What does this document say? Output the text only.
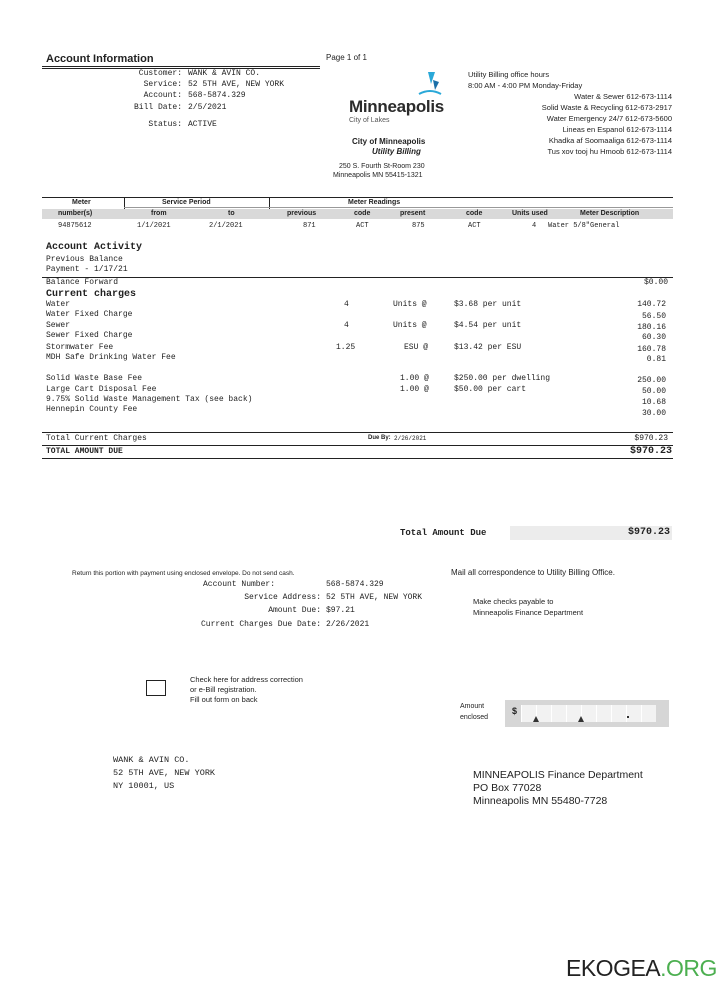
Account Information
Customer: WANK & AVIN CO.
Service: 52 5TH AVE, NEW YORK
Account: 568-5874.329
Bill Date: 2/5/2021
Status: ACTIVE
Page 1 of 1
Minneapolis
City of Lakes
City of Minneapolis
Utility Billing
250 S. Fourth St-Room 230
Minneapolis MN 55415-1321
Utility Billing office hours
8:00 AM - 4:00 PM Monday-Friday
Water & Sewer 612-673-1114
Solid Waste & Recycling 612-673-2917
Water Emergency 24/7 612-673-5600
Lineas en Espanol 612-673-1114
Khadka af Soomaaliga 612-673-1114
Tus xov tooj hu Hmoob 612-673-1114
Meter	Service Period	Meter Readings
number(s)	from	to	previous	code	present	code	Units used	Meter Description
94875612	1/1/2021	2/1/2021	871	ACT	875	ACT	4 Water 5/8"General
Account Activity
Previous Balance
Payment - 1/17/21
Balance Forward	$0.00
Current charges
Water	4	Units @	$3.68 per unit	140.72
Water Fixed Charge	56.50
Sewer	4	Units @	$4.54 per unit	180.16
Sewer Fixed Charge	60.30
Stormwater Fee	1.25	ESU @	$13.42 per ESU	160.78
MDH Safe Drinking Water Fee	0.81
Solid Waste Base Fee	1.00 @	$250.00 per dwelling	250.00
Large Cart Disposal Fee	1.00 @	$50.00 per cart	50.00
9.75% Solid Waste Management Tax (see back)	10.68
Hennepin County Fee	30.00
Total Current Charges	Due By: 2/26/2021	$970.23
TOTAL AMOUNT DUE	$970.23
Total Amount Due	$970.23
Return this portion with payment using enclosed envelope. Do not send cash.	Mail all correspondence to Utility Billing Office.
Account Number:	568-5874.329
Service Address: 52 5TH AVE, NEW YORK
Amount Due: $97.21
Current Charges Due Date: 2/26/2021
Make checks payable to
Minneapolis Finance Department
Check here for address correction
or e-Bill registration.
Fill out form on back
Amount
enclosed
$
WANK & AVIN CO.
52 5TH AVE, NEW YORK
NY 10001, US
MINNEAPOLIS Finance Department
PO Box 77028
Minneapolis MN 55480-7728
EKOGEA.ORG
